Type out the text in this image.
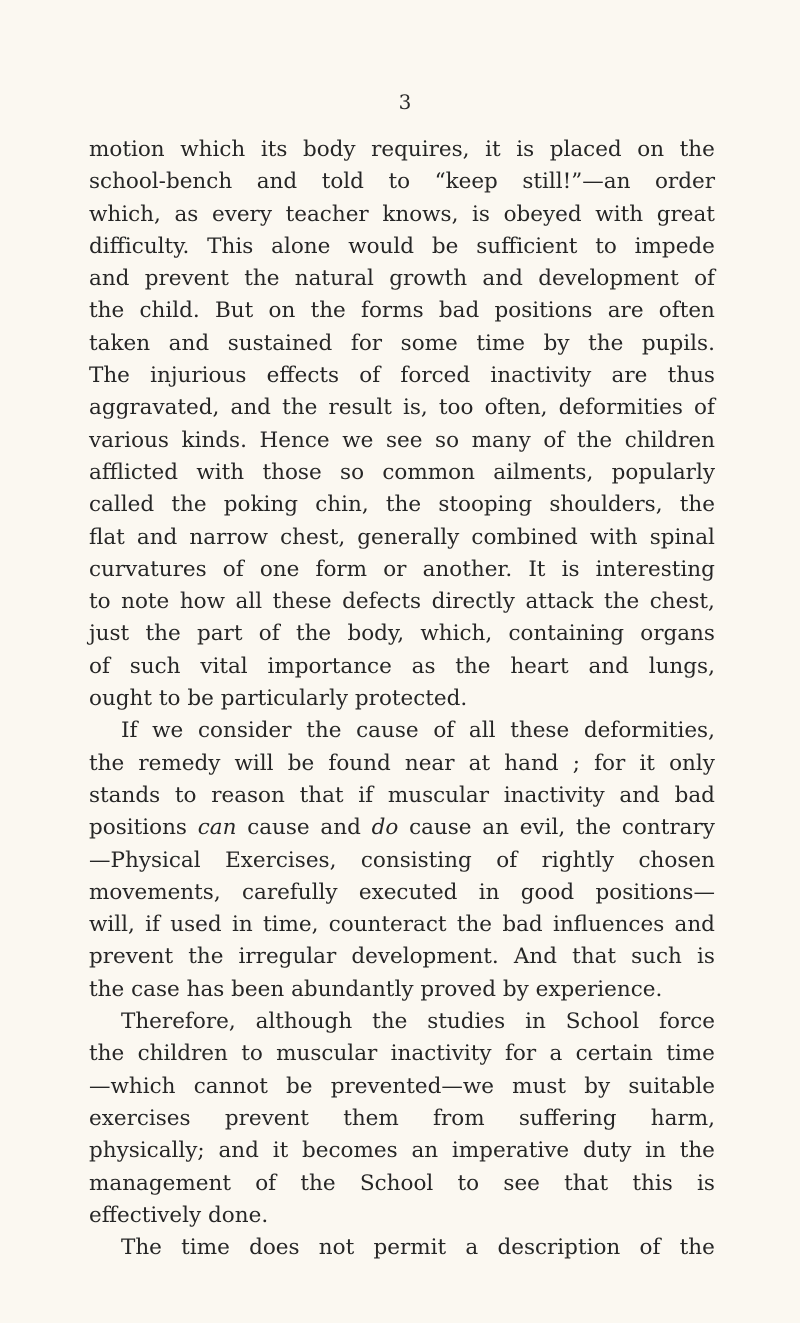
3
motion which its body requires, it is placed on the
school-bench and told to “keep still!”—an order
which, as every teacher knows, is obeyed with great
difficulty. This alone would be sufficient to impede
and prevent the natural growth and development of
the child. But on the forms bad positions are often
taken and sustained for some time by the pupils.
The injurious effects of forced inactivity are thus
aggravated, and the result is, too often, deformities of
various kinds. Hence we see so many of the children
afflicted with those so common ailments, popularly
called the poking chin, the stooping shoulders, the
flat and narrow chest, generally combined with spinal
curvatures of one form or another. It is interesting
to note how all these defects directly attack the chest,
just the part of the body, which, containing organs
of such vital importance as the heart and lungs,
ought to be particularly protected.
If we consider the cause of all these deformities,
the remedy will be found near at hand ; for it only
stands to reason that if muscular inactivity and bad
positions can cause and do cause an evil, the contrary
—Physical Exercises, consisting of rightly chosen
movements, carefully executed in good positions—
will, if used in time, counteract the bad influences and
prevent the irregular development. And that such is
the case has been abundantly proved by experience.
Therefore, although the studies in School force
the children to muscular inactivity for a certain time
—which cannot be prevented—we must by suitable
exercises prevent them from suffering harm,
physically; and it becomes an imperative duty in the
management of the School to see that this is
effectively done.
The time does not permit a description of the
